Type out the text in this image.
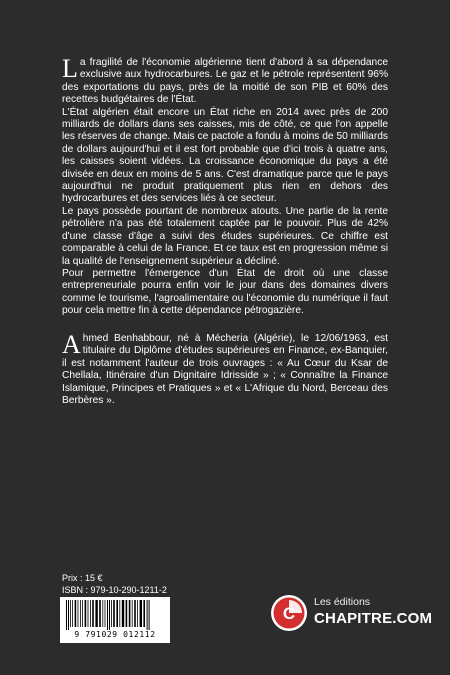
La fragilité de l'économie algérienne tient d'abord à sa dépendance exclusive aux hydrocarbures. Le gaz et le pétrole représentent 96% des exportations du pays, près de la moitié de son PIB et 60% des recettes budgétaires de l'État.

L'État algérien était encore un État riche en 2014 avec près de 200 milliards de dollars dans ses caisses, mis de côté, ce que l'on appelle les réserves de change. Mais ce pactole a fondu à moins de 50 milliards de dollars aujourd'hui et il est fort probable que d'ici trois à quatre ans, les caisses soient vidées. La croissance économique du pays a été divisée en deux en moins de 5 ans. C'est dramatique parce que le pays aujourd'hui ne produit pratiquement plus rien en dehors des hydrocarbures et des services liés à ce secteur.

Le pays possède pourtant de nombreux atouts. Une partie de la rente pétrolière n'a pas été totalement captée par le pouvoir. Plus de 42% d'une classe d'âge a suivi des études supérieures. Ce chiffre est comparable à celui de la France. Et ce taux est en progression même si la qualité de l'enseignement supérieur a décliné.

Pour permettre l'émergence d'un État de droit où une classe entrepreneuriale pourra enfin voir le jour dans des domaines divers comme le tourisme, l'agroalimentaire ou l'économie du numérique il faut pour cela mettre fin à cette dépendance pétrogazière.

Ahmed Benhabbour, né à Mécheria (Algérie), le 12/06/1963, est titulaire du Diplôme d'études supérieures en Finance, ex-Banquier, il est notamment l'auteur de trois ouvrages : « Au Cœur du Ksar de Chellala, Itinéraire d'un Dignitaire Idrisside » ; « Connaître la Finance Islamique, Principes et Pratiques » et « L'Afrique du Nord, Berceau des Berbères ».

Prix : 15 €
ISBN : 979-10-290-1211-2
9 791029 012112
C
Les éditions
CHAPITRE.COM
